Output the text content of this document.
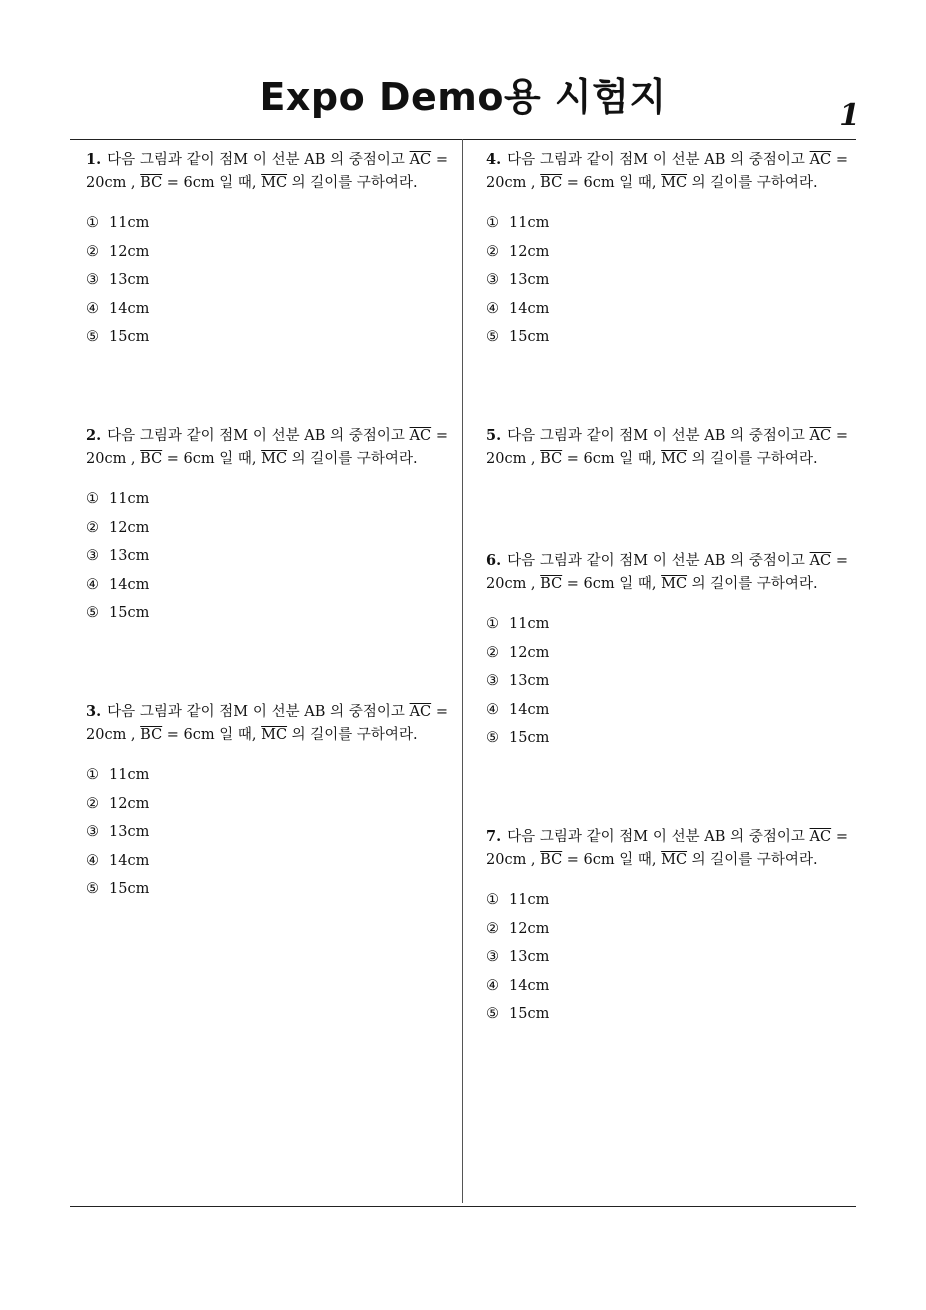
Expo Demo용 시험지	1
1. 다음 그림과 같이 점M 이 선분 AB 의 중점이고 $\overline{AC} = 20cm$ , $\overline{BC} = 6cm$ 일 때, $\overline{MC}$ 의 길이를 구하여라.
① 11cm
② 12cm
③ 13cm
④ 14cm
⑤ 15cm
2. 다음 그림과 같이 점M 이 선분 AB 의 중점이고 $\overline{AC} = 20cm$ , $\overline{BC} = 6cm$ 일 때, $\overline{MC}$ 의 길이를 구하여라.
① 11cm
② 12cm
③ 13cm
④ 14cm
⑤ 15cm
3. 다음 그림과 같이 점M 이 선분 AB 의 중점이고 $\overline{AC} = 20cm$ , $\overline{BC} = 6cm$ 일 때, $\overline{MC}$ 의 길이를 구하여라.
① 11cm
② 12cm
③ 13cm
④ 14cm
⑤ 15cm
4. 다음 그림과 같이 점M 이 선분 AB 의 중점이고 $\overline{AC} = 20cm$ , $\overline{BC} = 6cm$ 일 때, $\overline{MC}$ 의 길이를 구하여라.
① 11cm
② 12cm
③ 13cm
④ 14cm
⑤ 15cm
5. 다음 그림과 같이 점M 이 선분 AB 의 중점이고 $\overline{AC} = 20cm$ , $\overline{BC} = 6cm$ 일 때, $\overline{MC}$ 의 길이를 구하여라.
6. 다음 그림과 같이 점M 이 선분 AB 의 중점이고 $\overline{AC} = 20cm$ , $\overline{BC} = 6cm$ 일 때, $\overline{MC}$ 의 길이를 구하여라.
① 11cm
② 12cm
③ 13cm
④ 14cm
⑤ 15cm
7. 다음 그림과 같이 점M 이 선분 AB 의 중점이고 $\overline{AC} = 20cm$ , $\overline{BC} = 6cm$ 일 때, $\overline{MC}$ 의 길이를 구하여라.
① 11cm
② 12cm
③ 13cm
④ 14cm
⑤ 15cm
